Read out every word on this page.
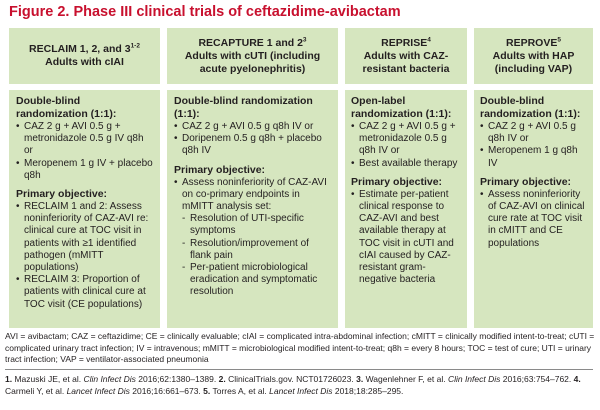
Figure 2. Phase III clinical trials of ceftazidime-avibactam
RECLAIM 1, 2, and 3$^{1-2}$
Adults with cIAI
Double-blind randomization (1:1):
• CAZ 2 g + AVI 0.5 g + metronidazole 0.5 g IV q8h or
• Meropenem 1 g IV + placebo q8h
Primary objective:
• RECLAIM 1 and 2: Assess noninferiority of CAZ-AVI re: clinical cure at TOC visit in patients with ≥1 identified pathogen (mMITT populations)
• RECLAIM 3: Proportion of patients with clinical cure at TOC visit (CE populations)
RECAPTURE 1 and $2^3$
Adults with cUTI (including acute pyelonephritis)
Double-blind randomization (1:1):
• CAZ 2 g + AVI 0.5 g q8h IV or
• Doripenem 0.5 g q8h + placebo q8h IV
Primary objective:
• Assess noninferiority of CAZ-AVI on co-primary endpoints in mMITT analysis set:
- Resolution of UTI-specific symptoms
- Resolution/improvement of flank pain
- Per-patient microbiological eradication and symptomatic resolution
REPRISE$^4$
Adults with CAZ-resistant bacteria
Open-label randomization (1:1):
• CAZ 2 g + AVI 0.5 g + metronidazole 0.5 g q8h IV or
• Best available therapy
Primary objective:
• Estimate per-patient clinical response to CAZ-AVI and best available therapy at TOC visit in cUTI and cIAI caused by CAZ-resistant gram-negative bacteria
REPROVE$^5$
Adults with HAP (including VAP)
Double-blind randomization (1:1):
• CAZ 2 g + AVI 0.5 g q8h IV or
• Meropenem 1 g q8h IV
Primary objective:
• Assess noninferiority of CAZ-AVI on clinical cure rate at TOC visit in cMITT and CE populations
AVI = avibactam; CAZ = ceftazidime; CE = clinically evaluable; cIAI = complicated intra-abdominal infection; cMITT = clinically modified intent-to-treat; cUTI = complicated urinary tract infection; IV = intravenous; mMITT = microbiological modified intent-to-treat; q8h = every 8 hours; TOC = test of cure; UTI = urinary tract infection; VAP = ventilator-associated pneumonia
1. Mazuski JE, et al. Clin Infect Dis 2016;62:1380–1389. 2. ClinicalTrials.gov. NCT01726023. 3. Wagenlehner F, et al. Clin Infect Dis 2016;63:754–762. 4. Carmeli Y, et al. Lancet Infect Dis 2016;16:661–673. 5. Torres A, et al. Lancet Infect Dis 2018;18:285–295.
